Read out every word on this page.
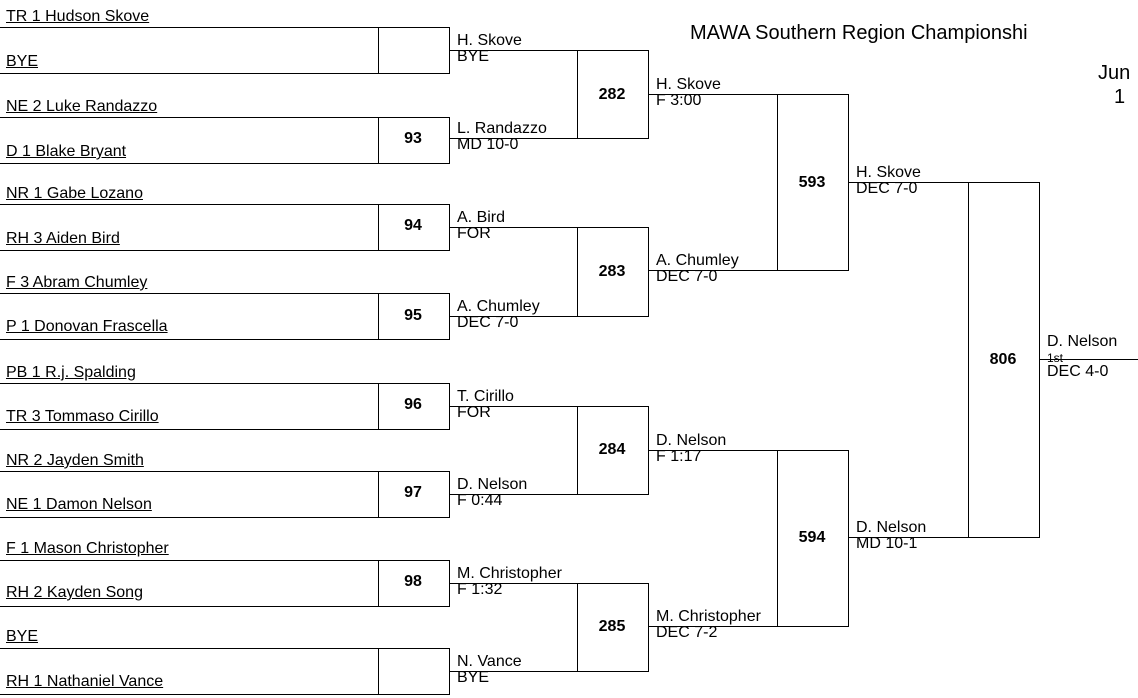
MAWA Southern Region Championshi
Jun
1
TR 1 Hudson Skove
BYE
NE 2 Luke Randazzo
D 1 Blake Bryant
NR 1 Gabe Lozano
RH 3 Aiden Bird
F 3 Abram Chumley
P 1 Donovan Frascella
PB 1 R.j. Spalding
TR 3 Tommaso Cirillo
NR 2 Jayden Smith
NE 1 Damon Nelson
F 1 Mason Christopher
RH 2 Kayden Song
BYE
RH 1 Nathaniel Vance
93
94
95
96
97
98
H. Skove
BYE
L. Randazzo
MD 10-0
A. Bird
FOR
A. Chumley
DEC 7-0
T. Cirillo
FOR
D. Nelson
F 0:44
M. Christopher
F 1:32
N. Vance
BYE
282
283
284
285
H. Skove
F 3:00
A. Chumley
DEC 7-0
D. Nelson
F 1:17
M. Christopher
DEC 7-2
593
594
H. Skove
DEC 7-0
D. Nelson
MD 10-1
806
D. Nelson
1st
DEC 4-0
